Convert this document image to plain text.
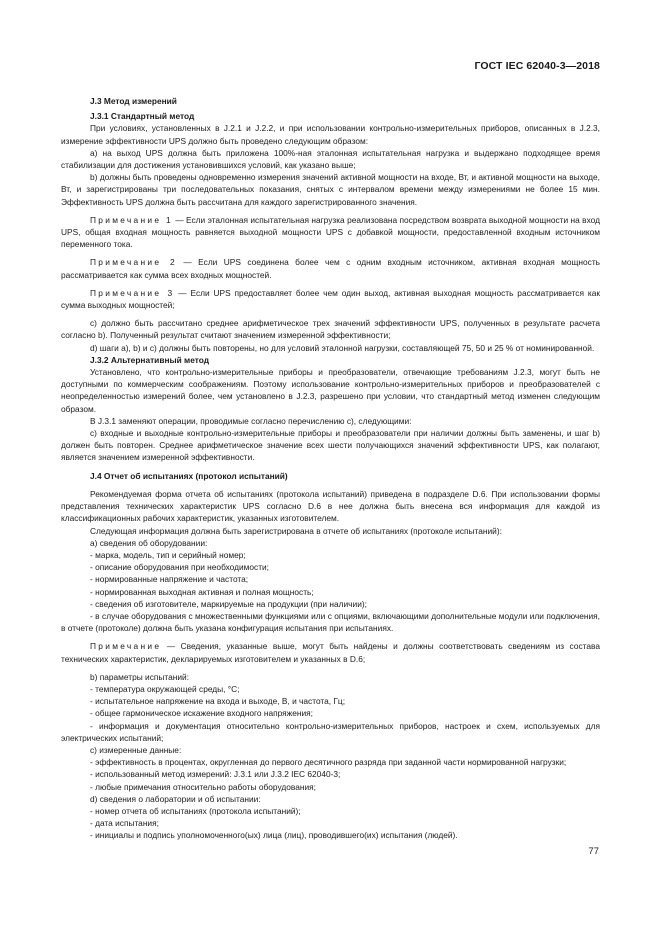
ГОСТ IEC 62040-3—2018

J.3 Метод измерений

J.3.1 Стандартный метод

При условиях, установленных в J.2.1 и J.2.2, и при использовании контрольно-измерительных приборов, описанных в J.2.3, измерение эффективности UPS должно быть проведено следующим образом:

а) на выход UPS должна быть приложена 100%-ная эталонная испытательная нагрузка и выдержано подходящее время стабилизации для достижения установившихся условий, как указано выше;

b) должны быть проведены одновременно измерения значений активной мощности на входе, Вт, и активной мощности на выходе, Вт, и зарегистрированы три последовательных показания, снятых с интервалом времени между измерениями не более 15 мин. Эффективность UPS должна быть рассчитана для каждого зарегистрированного значения.

Примечание 1 — Если эталонная испытательная нагрузка реализована посредством возврата выходной мощности на вход UPS, общая входная мощность равняется выходной мощности UPS с добавкой мощности, предоставленной входным источником переменного тока.

Примечание 2 — Если UPS соединена более чем с одним входным источником, активная входная мощность рассматривается как сумма всех входных мощностей.

Примечание 3 — Если UPS предоставляет более чем один выход, активная выходная мощность рассматривается как сумма выходных мощностей;

с) должно быть рассчитано среднее арифметическое трех значений эффективности UPS, полученных в результате расчета согласно b). Полученный результат считают значением измеренной эффективности;

d) шаги а), b) и с) должны быть повторены, но для условий эталонной нагрузки, составляющей 75, 50 и 25 % от номинированной.

J.3.2 Альтернативный метод

Установлено, что контрольно-измерительные приборы и преобразователи, отвечающие требованиям J.2.3, могут быть не доступными по коммерческим соображениям. Поэтому использование контрольно-измерительных приборов и преобразователей с неопределенностью измерений более, чем установлено в J.2.3, разрешено при условии, что стандартный метод изменен следующим образом.

В J.3.1 заменяют операции, проводимые согласно перечислению с), следующими:

с) входные и выходные контрольно-измерительные приборы и преобразователи при наличии должны быть заменены, и шаг b) должен быть повторен. Среднее арифметическое значение всех шести получающихся значений эффективности UPS, как полагают, является значением измеренной эффективности.

J.4 Отчет об испытаниях (протокол испытаний)

Рекомендуемая форма отчета об испытаниях (протокола испытаний) приведена в подразделе D.6. При использовании формы представления технических характеристик UPS согласно D.6 в нее должна быть внесена вся информация для каждой из классификационных рабочих характеристик, указанных изготовителем.

Следующая информация должна быть зарегистрирована в отчете об испытаниях (протоколе испытаний):

а) сведения об оборудовании:

- марка, модель, тип и серийный номер;

- описание оборудования при необходимости;

- нормированные напряжение и частота;

- нормированная выходная активная и полная мощность;

- сведения об изготовителе, маркируемые на продукции (при наличии);

- в случае оборудования с множественными функциями или с опциями, включающими дополнительные модули или подключения, в отчете (протоколе) должна быть указана конфигурация испытания при испытаниях.

Примечание — Сведения, указанные выше, могут быть найдены и должны соответствовать сведениям из состава технических характеристик, декларируемых изготовителем и указанных в D.6;

b) параметры испытаний:

- температура окружающей среды, °С;

- испытательное напряжение на входа и выходе, В, и частота, Гц;

- общее гармоническое искажение входного напряжения;

- информация и документация относительно контрольно-измерительных приборов, настроек и схем, используемых для электрических испытаний;

с) измеренные данные:

- эффективность в процентах, округленная до первого десятичного разряда при заданной части нормированной нагрузки;

- использованный метод измерений: J.3.1 или J.3.2 IEC 62040-3;

- любые примечания относительно работы оборудования;

d) сведения о лаборатории и об испытании:

- номер отчета об испытаниях (протокола испытаний);

- дата испытания;

- инициалы и подпись уполномоченного(ых) лица (лиц), проводившего(их) испытания (людей).

77
